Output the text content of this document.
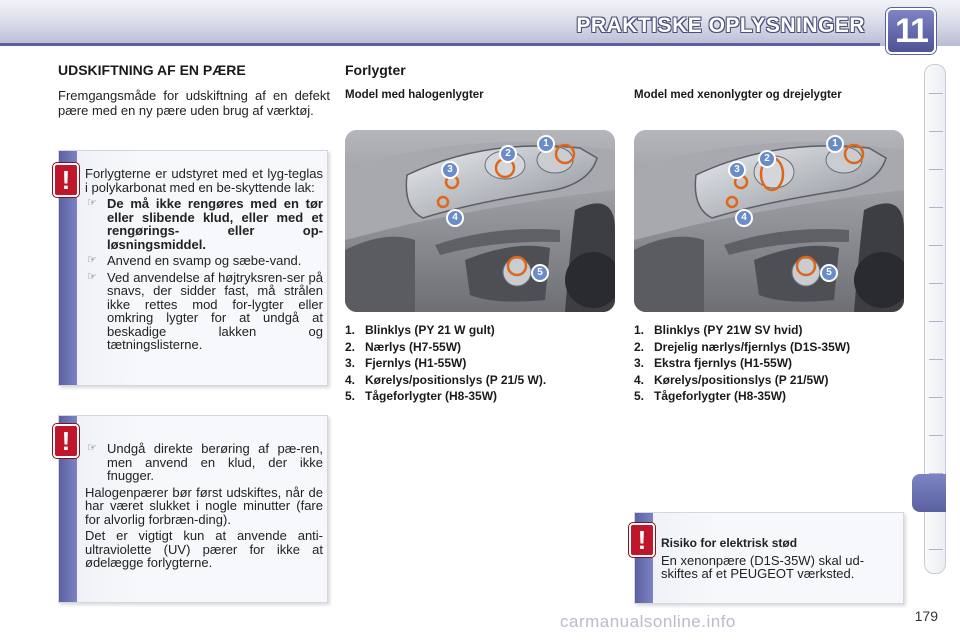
PRAKTISKE OPLYSNINGER 11
UDSKIFTNING AF EN PÆRE
Fremgangsmåde for udskiftning af en defekt pære med en ny pære uden brug af værktøj.
!	Forlygterne er udstyret med et lyg-teglas i polykarbonat med en be-skyttende lak:

☞ De må ikke rengøres med en tør eller slibende klud, eller med et rengørings- eller op-løsningsmiddel.
☞ Anvend en svamp og sæbe-vand.
☞ Ved anvendelse af højtryksren-ser på snavs, der sidder fast, må strålen ikke rettes mod for-lygter eller omkring lygter for at undgå at beskadige lakken og tætningslisterne.
!	☞ Undgå direkte berøring af pæ-ren, men anvend en klud, der ikke fnugger.

Halogenpærer bør først udskiftes, når de har været slukket i nogle minutter (fare for alvorlig forbræn-ding).

Det er vigtigt kun at anvende anti-ultraviolette (UV) pærer for ikke at ødelægge forlygterne.

Forlygter
Model med halogenlygter
1
2
3
4
5
1. Blinklys (PY 21 W gult)
2. Nærlys (H7-55W)
3. Fjernlys (H1-55W)
4. Kørelys/positionslys (P 21/5 W).
5. Tågeforlygter (H8-35W)
Model med xenonlygter og drejelygter
1
2
3
4
5
1. Blinklys (PY 21W SV hvid)
2. Drejelig nærlys/fjernlys (D1S-35W)
3. Ekstra fjernlys (H1-55W)
4. Kørelys/positionslys (P 21/5W)
5. Tågeforlygter (H8-35W)
!	Risiko for elektrisk stød

En xenonpære (D1S-35W) skal ud-skiftes af et PEUGEOT værksted.

carmanualsonline.info	179
